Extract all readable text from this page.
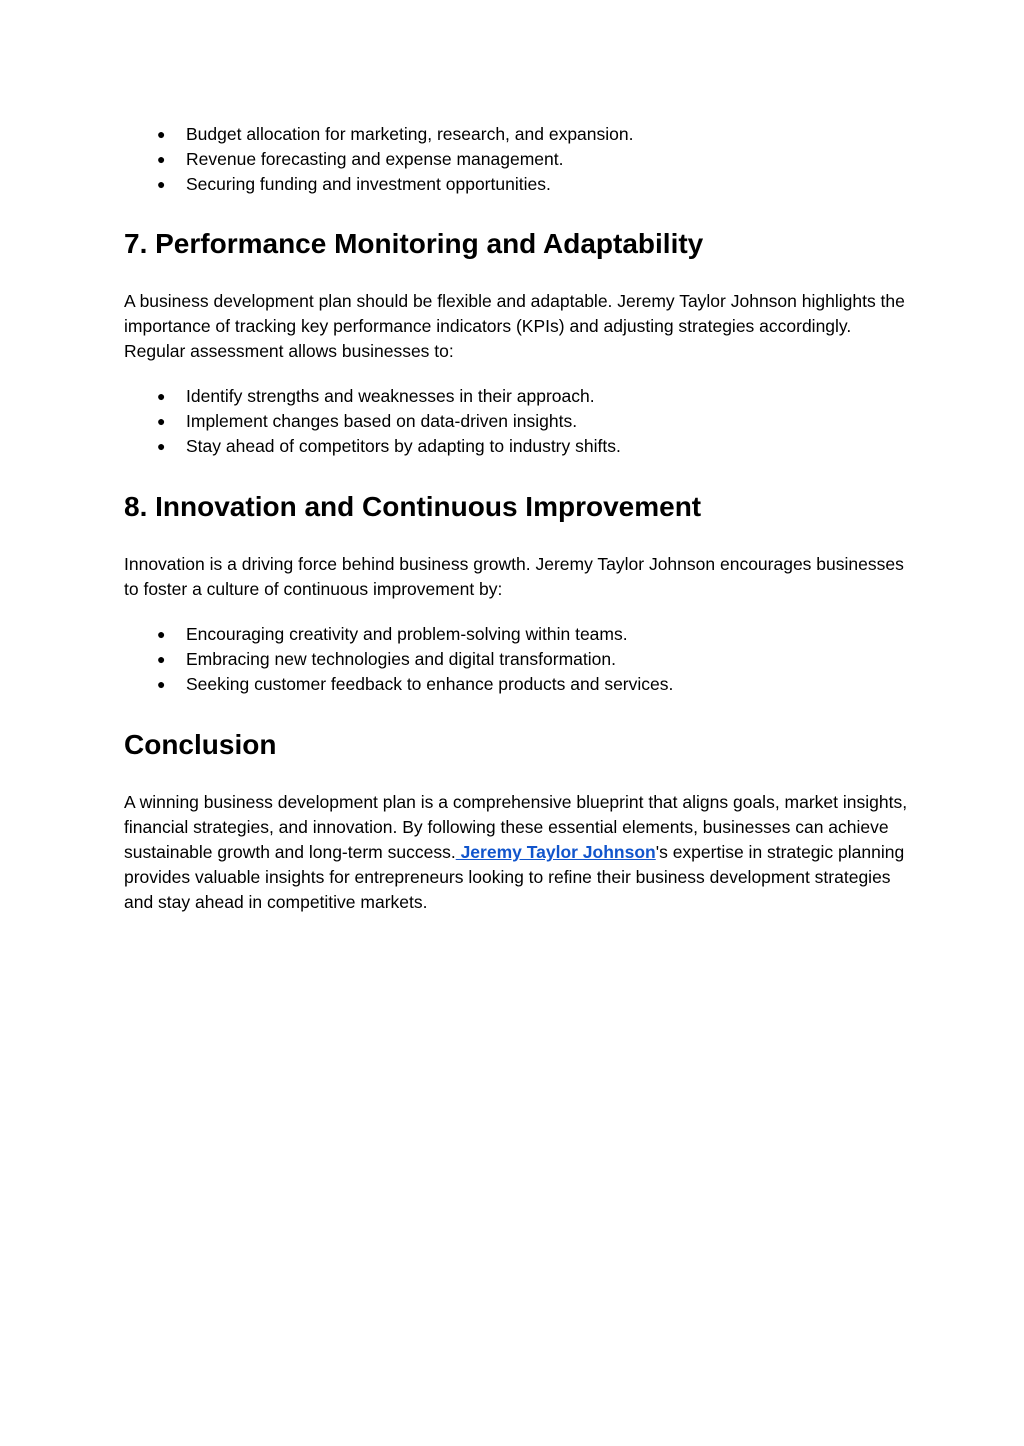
● Budget allocation for marketing, research, and expansion.
● Revenue forecasting and expense management.
● Securing funding and investment opportunities.
7. Performance Monitoring and Adaptability

A business development plan should be flexible and adaptable. Jeremy Taylor Johnson highlights the importance of tracking key performance indicators (KPIs) and adjusting strategies accordingly. Regular assessment allows businesses to:

● Identify strengths and weaknesses in their approach.
● Implement changes based on data-driven insights.
● Stay ahead of competitors by adapting to industry shifts.
8. Innovation and Continuous Improvement

Innovation is a driving force behind business growth. Jeremy Taylor Johnson encourages businesses to foster a culture of continuous improvement by:

● Encouraging creativity and problem-solving within teams.
● Embracing new technologies and digital transformation.
● Seeking customer feedback to enhance products and services.
Conclusion

A winning business development plan is a comprehensive blueprint that aligns goals, market insights, financial strategies, and innovation. By following these essential elements, businesses can achieve sustainable growth and long-term success. Jeremy Taylor Johnson's expertise in strategic planning provides valuable insights for entrepreneurs looking to refine their business development strategies and stay ahead in competitive markets.
